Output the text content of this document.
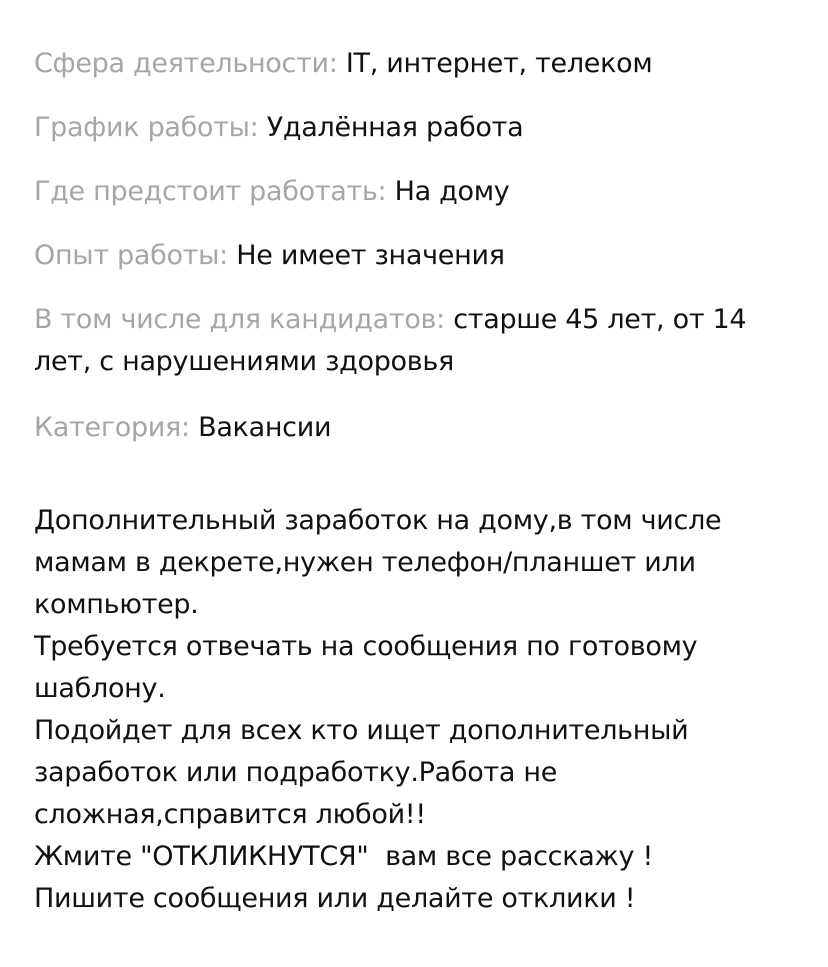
Сфера деятельности: IT, интернет, телеком
График работы: Удалённая работа
Где предстоит работать: На дому
Опыт работы: Не имеет значения
В том числе для кандидатов: старше 45 лет, от 14 лет, с нарушениями здоровья
Категория: Вакансии
Дополнительный заработок на дому,в том числе
мамам в декрете,нужен телефон/планшет или
компьютер.
Требуется отвечать на сообщения по готовому
шаблону.
Подойдет для всех кто ищет дополнительный
заработок или подработку.Работа не
сложная,справится любой!!
Жмите "ОТКЛИКНУТСЯ"  вам все расскажу !
Пишите сообщения или делайте отклики !
